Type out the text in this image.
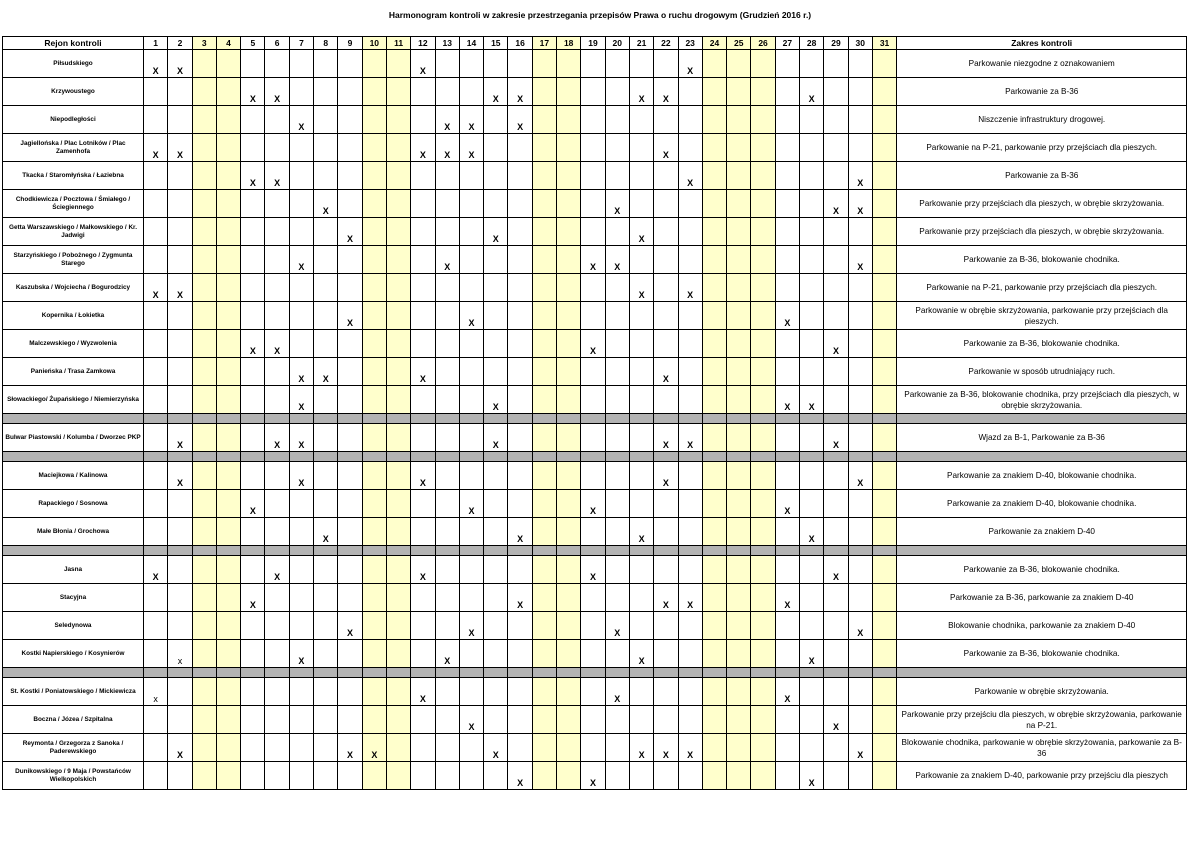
Harmonogram kontroli w zakresie przestrzegania przepisów Prawa o ruchu drogowym (Grudzień 2016 r.)
Rejon kontroli	1	2	3	4	5	6	7	8	9	10	11	12	13	14	15	16	17	18	19	20	21	22	23	24	25	26	27	28	29	30	31	Zakres kontroli
Piłsudskiego	X	X										X											X									Parkowanie niezgodne z oznakowaniem
Krzywoustego					X	X									X	X					X	X						X				Parkowanie za B-36
Niepodległości							X						X	X		X																Niszczenie infrastruktury drogowej.
Jagiellońska / Plac Lotników / Plac Zamenhofa	X	X										X	X	X								X										Parkowanie na P-21, parkowanie przy przejściach dla pieszych.
Tkacka / Staromłyńska / Łaziebna					X	X																	X							X		Parkowanie za B-36
Chodkiewicza / Pocztowa / Śmiałego / Ściegiennego								X												X									X	X		Parkowanie przy przejściach dla pieszych, w obrębie skrzyżowania.
Getta Warszawskiego / Małkowskiego / Kr. Jadwigi									X						X						X											Parkowanie przy przejściach dla pieszych, w obrębie skrzyżowania.
Starzyńskiego / Pobożnego / Zygmunta Starego							X						X						X	X										X		Parkowanie za B-36, blokowanie chodnika.
Kaszubska / Wojciecha / Bogurodzicy	X	X																			X		X									Parkowanie na P-21, parkowanie przy przejściach dla pieszych.
Kopernika / Łokietka									X					X													X					Parkowanie w obrębie skrzyżowania, parkowanie przy przejściach dla pieszych.
Malczewskiego / Wyzwolenia					X	X													X										X			Parkowanie za B-36, blokowanie chodnika.
Panieńska / Trasa Zamkowa							X	X				X										X										Parkowanie w sposób utrudniający ruch.
Słowackiego/ Żupańskiego / Niemierzyńska							X								X												X	X				Parkowanie za B-36, blokowanie chodnika, przy przejściach dla pieszych, w obrębie skrzyżowania.

Bulwar Piastowski / Kolumba / Dworzec PKP		X				X	X								X							X	X						X			Wjazd za B-1, Parkowanie za B-36

Maciejkowa / Kalinowa		X					X					X										X								X		Parkowanie za znakiem D-40, blokowanie chodnika.
Rapackiego / Sosnowa					X									X					X								X					Parkowanie za znakiem D-40, blokowanie chodnika.
Małe Błonia / Grochowa								X								X					X							X				Parkowanie za znakiem D-40

Jasna	X					X						X							X										X			Parkowanie za B-36, blokowanie chodnika.
Stacyjna					X											X						X	X				X					Parkowanie za B-36, parkowanie za znakiem D-40
Seledynowa									X					X						X										X		Blokowanie chodnika, parkowanie za znakiem D-40
Kostki Napierskiego / Kosynierów		x					X						X								X							X				Parkowanie za B-36, blokowanie chodnika.

St. Kostki / Poniatowskiego / Mickiewicza	x											X								X							X					Parkowanie w obrębie skrzyżowania.
Boczna / Józea / Szpitalna														X															X			Parkowanie przy przejściu dla pieszych, w obrębie skrzyżowania, parkowanie na P-21.
Reymonta / Grzegorza z Sanoka / Paderewskiego		X							X	X					X						X	X	X							X		Blokowanie chodnika, parkowanie w obrębie skrzyżowania, parkowanie za B-36
Dunikowskiego / 9 Maja / Powstańców Wielkopolskich																X			X									X				Parkowanie za znakiem D-40, parkowanie przy przejściu dla pieszych
